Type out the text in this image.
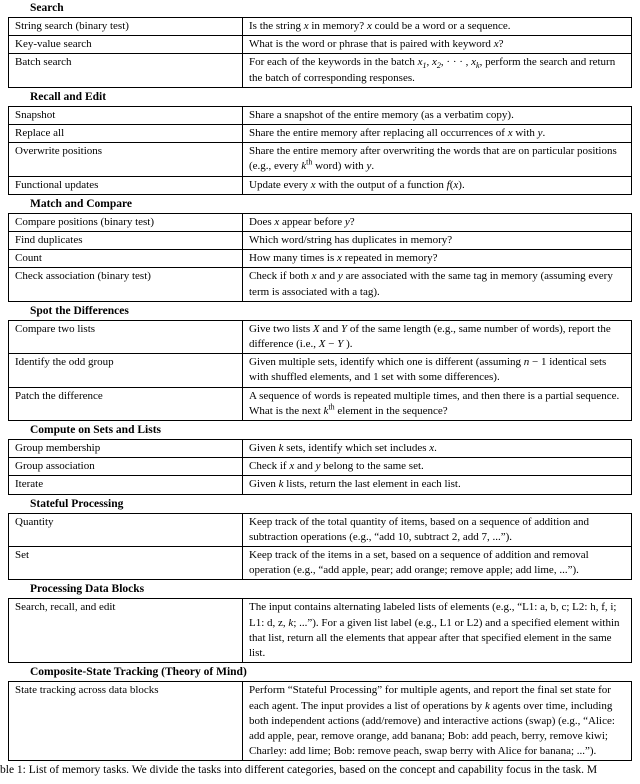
Search
String search (binary test)	Is the string x in memory? x could be a word or a sequence.
Key-value search	What is the word or phrase that is paired with keyword x?
Batch search	For each of the keywords in the batch $x_1$, $x_2$, · · · , $x_k$, perform the search and return the batch of corresponding responses.
Recall and Edit
Snapshot	Share a snapshot of the entire memory (as a verbatim copy).
Replace all	Share the entire memory after replacing all occurrences of x with y.
Overwrite positions	Share the entire memory after overwriting the words that are on particular positions (e.g., every $k^{th}$ word) with y.
Functional updates	Update every x with the output of a function f(x).
Match and Compare
Compare positions (binary test)	Does x appear before y?
Find duplicates	Which word/string has duplicates in memory?
Count	How many times is x repeated in memory?
Check association (binary test)	Check if both x and y are associated with the same tag in memory (assuming every term is associated with a tag).
Spot the Differences
Compare two lists	Give two lists X and Y of the same length (e.g., same number of words), report the difference (i.e., X − Y ).
Identify the odd group	Given multiple sets, identify which one is different (assuming n − 1 identical sets with shuffled elements, and 1 set with some differences).
Patch the difference	A sequence of words is repeated multiple times, and then there is a partial sequence. What is the next $k^{th}$ element in the sequence?
Compute on Sets and Lists
Group membership	Given k sets, identify which set includes x.
Group association	Check if x and y belong to the same set.
Iterate	Given k lists, return the last element in each list.
Stateful Processing
Quantity	Keep track of the total quantity of items, based on a sequence of addition and subtraction operations (e.g., “add 10, subtract 2, add 7, ...”).
Set	Keep track of the items in a set, based on a sequence of addition and removal operation (e.g., “add apple, pear; add orange; remove apple; add lime, ...”).
Processing Data Blocks
Search, recall, and edit	The input contains alternating labeled lists of elements (e.g., “L1: a, b, c; L2: h, f, i; L1: d, z, k; ...”). For a given list label (e.g., L1 or L2) and a specified element within that list, return all the elements that appear after that specified element in the same list.
Composite-State Tracking (Theory of Mind)
State tracking across data blocks	Perform “Stateful Processing” for multiple agents, and report the final set state for each agent. The input provides a list of operations by k agents over time, including both independent actions (add/remove) and interactive actions (swap) (e.g., “Alice: add apple, pear, remove orange, add banana; Bob: add peach, berry, remove kiwi; Charley: add lime; Bob: remove peach, swap berry with Alice for banana; ...”).
ble 1: List of memory tasks. We divide the tasks into different categories, based on the concept and capability focus in the task. M
